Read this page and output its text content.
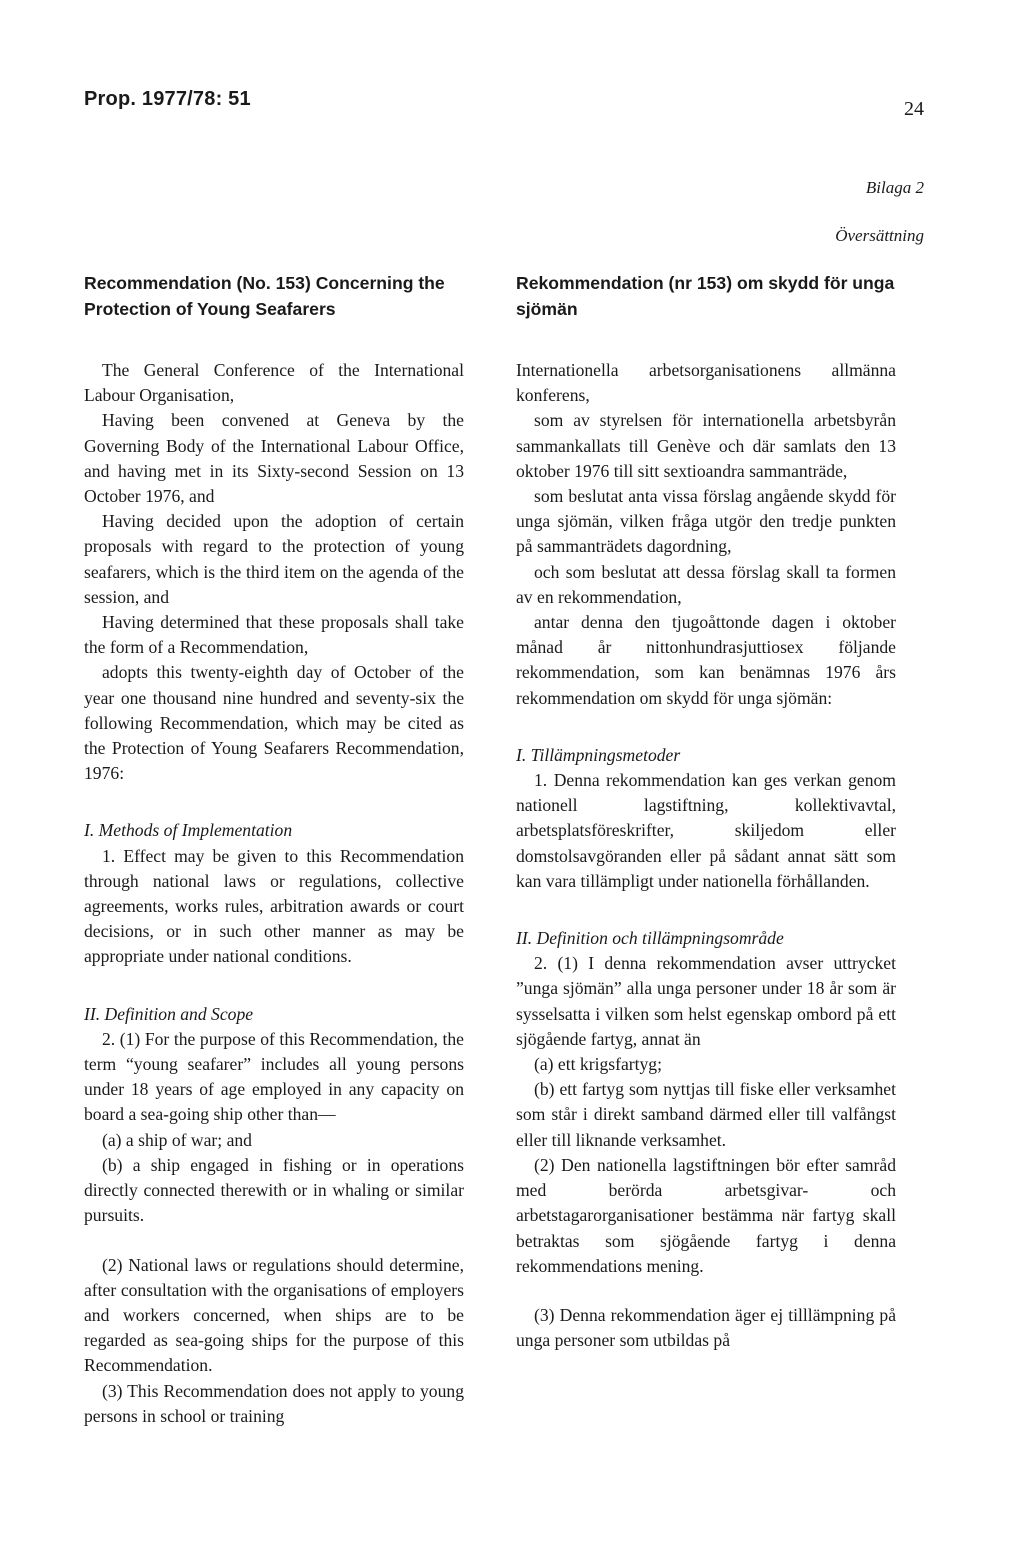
Prop. 1977/78: 51	24
Bilaga 2
Översättning

Recommendation (No. 153) Concerning the Protection of Young Seafarers

The General Conference of the International Labour Organisation,

Having been convened at Geneva by the Governing Body of the International Labour Office, and having met in its Sixty-second Session on 13 October 1976, and

Having decided upon the adoption of certain proposals with regard to the protection of young seafarers, which is the third item on the agenda of the session, and

Having determined that these proposals shall take the form of a Recommendation,

adopts this twenty-eighth day of October of the year one thousand nine hundred and seventy-six the following Recommendation, which may be cited as the Protection of Young Seafarers Recommendation, 1976:

I. Methods of Implementation

1. Effect may be given to this Recommendation through national laws or regulations, collective agreements, works rules, arbitration awards or court decisions, or in such other manner as may be appropriate under national conditions.

II. Definition and Scope

2. (1) For the purpose of this Recommendation, the term “young seafarer” includes all young persons under 18 years of age employed in any capacity on board a sea-going ship other than—

(a) a ship of war; and

(b) a ship engaged in fishing or in operations directly connected therewith or in whaling or similar pursuits.

(2) National laws or regulations should determine, after consultation with the organisations of employers and workers concerned, when ships are to be regarded as sea-going ships for the purpose of this Recommendation.

(3) This Recommendation does not apply to young persons in school or training

Rekommendation (nr 153) om skydd för unga sjömän

Internationella arbetsorganisationens allmänna konferens,

som av styrelsen för internationella arbetsbyrån sammankallats till Genève och där samlats den 13 oktober 1976 till sitt sextioandra sammanträde,

som beslutat anta vissa förslag angående skydd för unga sjömän, vilken fråga utgör den tredje punkten på sammanträdets dagordning,

och som beslutat att dessa förslag skall ta formen av en rekommendation,

antar denna den tjugoåttonde dagen i oktober månad år nittonhundrasjuttiosex följande rekommendation, som kan benämnas 1976 års rekommendation om skydd för unga sjömän:

I. Tillämpningsmetoder

1. Denna rekommendation kan ges verkan genom nationell lagstiftning, kollektivavtal, arbetsplatsföreskrifter, skiljedom eller domstolsavgöranden eller på sådant annat sätt som kan vara tillämpligt under nationella förhållanden.

II. Definition och tillämpningsområde

2. (1) I denna rekommendation avser uttrycket ”unga sjömän” alla unga personer under 18 år som är sysselsatta i vilken som helst egenskap ombord på ett sjögående fartyg, annat än

(a) ett krigsfartyg;

(b) ett fartyg som nyttjas till fiske eller verksamhet som står i direkt samband därmed eller till valfångst eller till liknande verksamhet.

(2) Den nationella lagstiftningen bör efter samråd med berörda arbetsgivar- och arbetstagarorganisationer bestämma när fartyg skall betraktas som sjögående fartyg i denna rekommendations mening.

(3) Denna rekommendation äger ej tilllämpning på unga personer som utbildas på
